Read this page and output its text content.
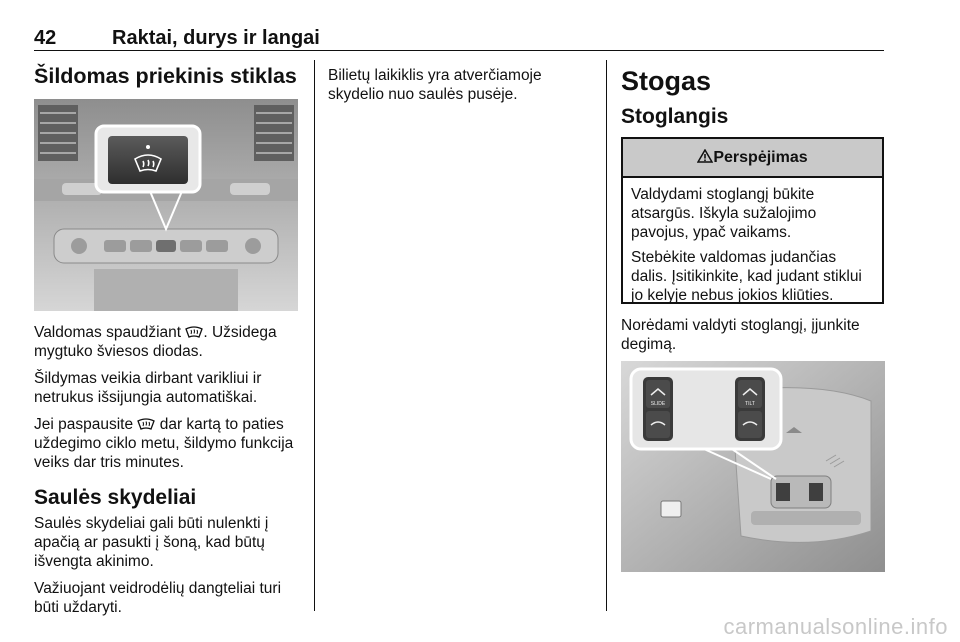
42	Raktai, durys ir langai
Šildomas priekinis stiklas

Valdomas spaudžiant . Užsidega mygtuko šviesos diodas.

Šildymas veikia dirbant varikliui ir netrukus išsijungia automatiškai.

Jei paspausite dar kartą to paties uždegimo ciklo metu, šildymo funkcija veiks dar tris minutes.

Saulės skydeliai

Saulės skydeliai gali būti nulenkti į apačią ar pasukti į šoną, kad būtų išvengta akinimo.

Važiuojant veidrodėlių dangteliai turi būti uždaryti.

Bilietų laikiklis yra atverčiamoje skydelio nuo saulės pusėje.	Stogas
Stoglangis
Perspėjimas

Valdydami stoglangį būkite atsargūs. Iškyla sužalojimo pavojus, ypač vaikams.

Stebėkite valdomas judančias dalis. Įsitikinkite, kad judant stiklui jo kelyje nebus jokios kliūties.

Norėdami valdyti stoglangį, įjunkite degimą.

SLIDE	TILT
carmanualsonline.info
